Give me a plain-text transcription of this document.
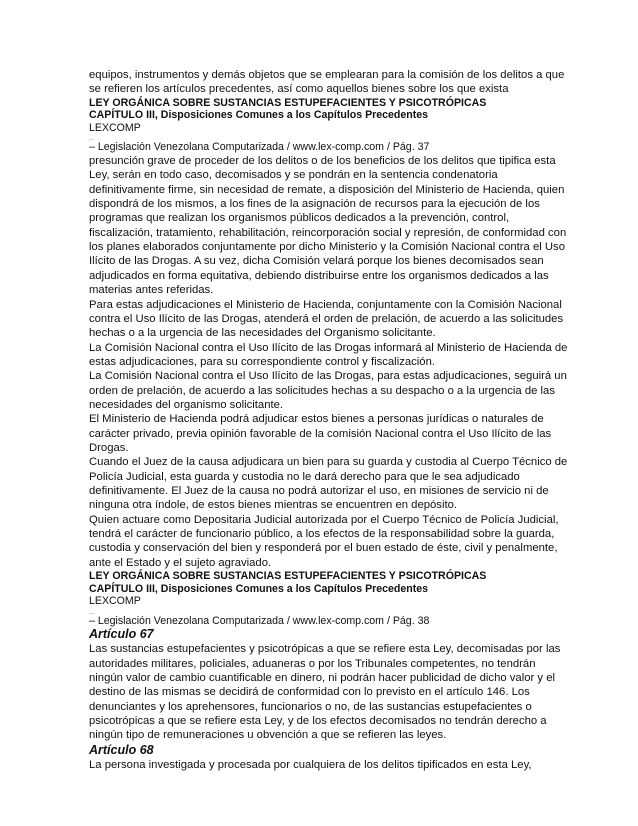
equipos, instrumentos y demás objetos que se emplearan para la comisión de los delitos a que se refieren los artículos precedentes, así como aquellos bienes sobre los que exista

LEY ORGÁNICA SOBRE SUSTANCIAS ESTUPEFACIENTES Y PSICOTRÓPICAS

CAPÍTULO III, Disposiciones Comunes a los Capítulos Precedentes

LEXCOMP

__

– Legislación Venezolana Computarizada / www.lex-comp.com / Pág. 37

presunción grave de proceder de los delitos o de los beneficios de los delitos que tipifica esta Ley, serán en todo caso, decomisados y se pondrán en la sentencia condenatoria definitivamente firme, sin necesidad de remate, a disposición del Ministerio de Hacienda, quien dispondrá de los mismos, a los fines de la asignación de recursos para la ejecución de los programas que realizan los organismos públicos dedicados a la prevención, control, fiscalización, tratamiento, rehabilitación, reincorporación social y represión, de conformidad con los planes elaborados conjuntamente por dicho Ministerio y la Comisión Nacional contra el Uso Ilícito de las Drogas. A su vez, dicha Comisión velará porque los bienes decomisados sean adjudicados en forma equitativa, debiendo distribuirse entre los organismos dedicados a las materias antes referidas.

Para estas adjudicaciones el Ministerio de Hacienda, conjuntamente con la Comisión Nacional contra el Uso Ilícito de las Drogas, atenderá el orden de prelación, de acuerdo a las solicitudes hechas o a la urgencia de las necesidades del Organismo solicitante.

La Comisión Nacional contra el Uso Ilícito de las Drogas informará al Ministerio de Hacienda de estas adjudicaciones, para su correspondiente control y fiscalización.

La Comisión Nacional contra el Uso Ilícito de las Drogas, para estas adjudicaciones, seguirá un orden de prelación, de acuerdo a las solicitudes hechas a su despacho o a la urgencia de las necesidades del organismo solicitante.

El Ministerio de Hacienda podrá adjudicar estos bienes a personas jurídicas o naturales de carácter privado, previa opinión favorable de la comisión Nacional contra el Uso Ilícito de las Drogas.

Cuando el Juez de la causa adjudicara un bien para su guarda y custodia al Cuerpo Técnico de Policía Judicial, esta guarda y custodia no le dará derecho para que le sea adjudicado definitivamente. El Juez de la causa no podrá autorizar el uso, en misiones de servicio ni de ninguna otra índole, de estos bienes mientras se encuentren en depósito.

Quien actuare como Depositaria Judicial autorizada por el Cuerpo Técnico de Policía Judicial, tendrá el carácter de funcionario público, a los efectos de la responsabilidad sobre la guarda, custodia y conservación del bien y responderá por el buen estado de éste, civil y penalmente, ante el Estado y el sujeto agraviado.

LEY ORGÁNICA SOBRE SUSTANCIAS ESTUPEFACIENTES Y PSICOTRÓPICAS

CAPÍTULO III, Disposiciones Comunes a los Capítulos Precedentes

LEXCOMP

__

– Legislación Venezolana Computarizada / www.lex-comp.com / Pág. 38

Artículo 67

Las sustancias estupefacientes y psicotrópicas a que se refiere esta Ley, decomisadas por las autoridades militares, policiales, aduaneras o por los Tribunales competentes, no tendrán ningún valor de cambio cuantificable en dinero, ni podrán hacer publicidad de dicho valor y el destino de las mismas se decidirá de conformidad con lo previsto en el artículo 146. Los denunciantes y los aprehensores, funcionarios o no, de las sustancias estupefacientes o psicotrópicas a que se refiere esta Ley, y de los efectos decomisados no tendrán derecho a ningún tipo de remuneraciones u obvención a que se refieren las leyes.

Artículo 68

La persona investigada y procesada por cualquiera de los delitos tipificados en esta Ley,
